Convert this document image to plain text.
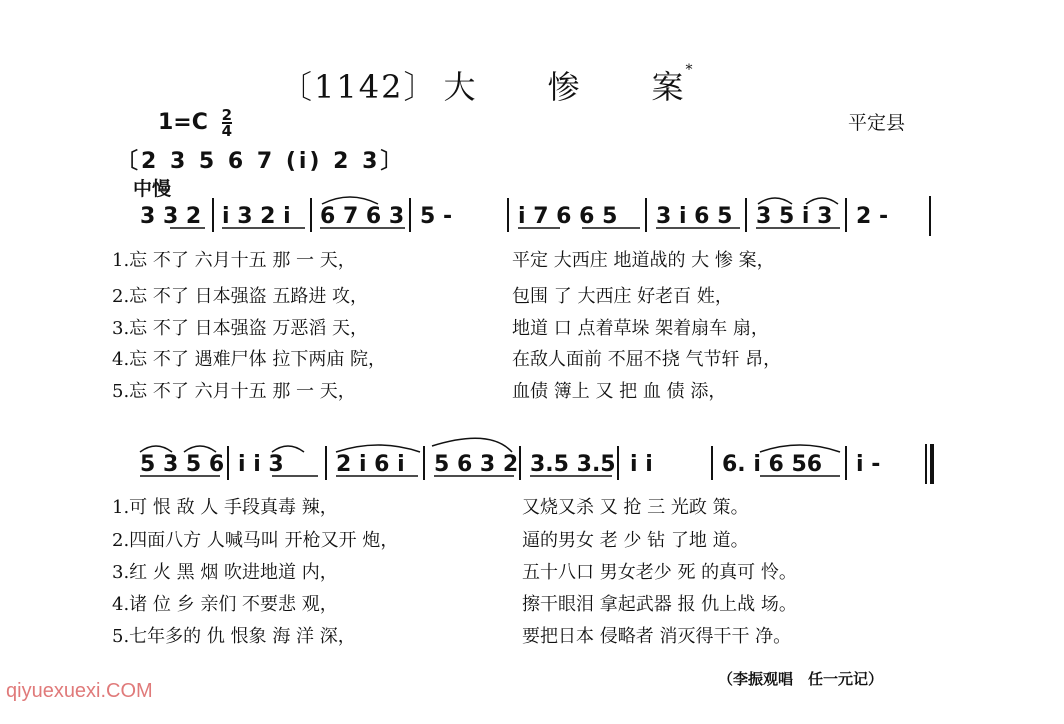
〔1142〕 大 惨 案*
$1=C \frac{2}{4}$	平定县
〔2 3 5 6 7 (i) 2 3〕
中慢
3 3 2 i 3 2 i 6 7 6 3 5 -	i 7 6 6 5 3 i 6 5 3 5 i 3 2 -
5 3 5 6 i i 3 2 i 6 i 5 6 3 2 3.5 3.5 i i	6. i 6 56 i -
1.忘 不了 六月十五 那 一 天，	平定 大西庄 地道战的 大 惨 案，
2.忘 不了 日本强盗 五路进 攻，	包围 了 大西庄 好老百 姓，
3.忘 不了 日本强盗 万恶滔 天，	地道 口 点着草垛 架着扇车 扇，
4.忘 不了 遇难尸体 拉下两庙 院，	在敌人面前 不屈不挠 气节轩 昂，
5.忘 不了 六月十五 那 一 天，	血债 簿上 又 把 血 债 添，
1.可 恨 敌 人 手段真毒 辣，	又烧又杀 又 抢 三 光政 策。
2.四面八方 人喊马叫 开枪又开 炮，	逼的男女 老 少 钻 了地 道。
3.红 火 黑 烟 吹进地道 内，	五十八口 男女老少 死 的真可 怜。
4.诸 位 乡 亲们 不要悲 观，	擦干眼泪 拿起武器 报 仇上战 场。
5.七年多的 仇 恨象 海 洋 深，	要把日本 侵略者 消灭得干干 净。
（李振观唱　任一元记）
qiyuexuexi.COM
